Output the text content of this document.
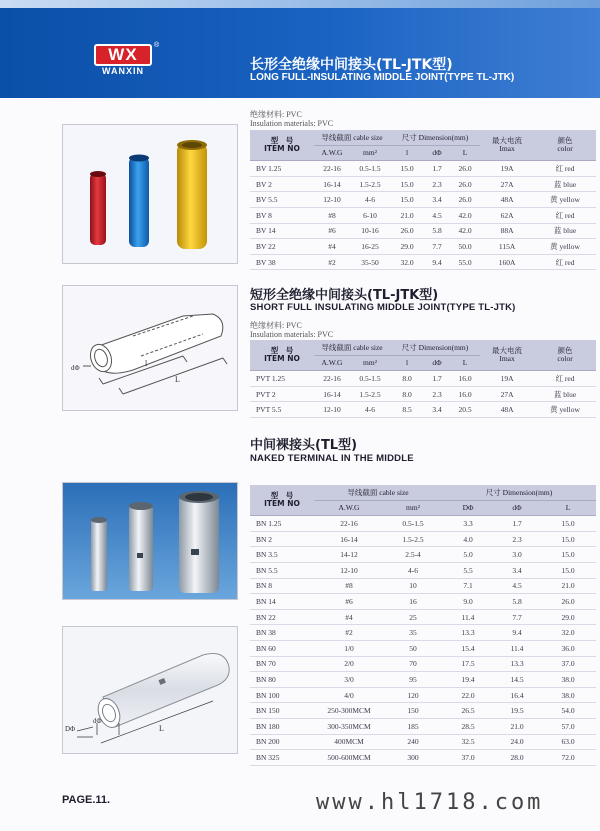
WX	®
WANXIN	长形全绝缘中间接头(TL-JTK型)
LONG FULL-INSULATING MIDDLE JOINT(TYPE TL-JTK)
绝缘材料: PVC
Insulation materials: PVC
型　号
ITEM NO	导线截面 cable size		尺寸 Dimension(mm)			最大电流
Imax	颜色
color

	A.W.G	mm²	l	dΦ	L		
BV 1.25	22-16	0.5-1.5	15.0	1.7	26.0	19A	红 red
BV 2	16-14	1.5-2.5	15.0	2.3	26.0	27A	蓝 blue
BV 5.5	12-10	4-6	15.0	3.4	26.0	48A	黄 yellow
BV 8	#8	6-10	21.0	4.5	42.0	62A	红 red
BV 14	#6	10-16	26.0	5.8	42.0	88A	蓝 blue
BV 22	#4	16-25	29.0	7.7	50.0	115A	黄 yellow
BV 38	#2	35-50	32.0	9.4	55.0	160A	红 red
dΦ	l
L
短形全绝缘中间接头(TL-JTK型)
SHORT FULL INSULATING MIDDLE JOINT(TYPE TL-JTK)
绝缘材料: PVC
Insulation materials: PVC
型　号
ITEM NO	导线截面 cable size		尺寸 Dimension(mm)			最大电流
Imax	颜色
color

	A.W.G	mm²	l	dΦ	L		
PVT 1.25	22-16	0.5-1.5	8.0	1.7	16.0	19A	红 red
PVT 2	16-14	1.5-2.5	8.0	2.3	16.0	27A	蓝 blue
PVT 5.5	12-10	4-6	8.5	3.4	20.5	48A	黄 yellow
中间裸接头(TL型)
NAKED TERMINAL IN THE MIDDLE
DΦ
dΦ
L
型　号
ITEM NO	导线截面 cable size		尺寸 Dimension(mm)		
	A.W.G	mm²	DΦ	dΦ	L
BN 1.25	22-16	0.5-1.5	3.3	1.7	15.0
BN 2	16-14	1.5-2.5	4.0	2.3	15.0
BN 3.5	14-12	2.5-4	5.0	3.0	15.0
BN 5.5	12-10	4-6	5.5	3.4	15.0
BN 8	#8	10	7.1	4.5	21.0
BN 14	#6	16	9.0	5.8	26.0
BN 22	#4	25	11.4	7.7	29.0
BN 38	#2	35	13.3	9.4	32.0
BN 60	1/0	50	15.4	11.4	36.0
BN 70	2/0	70	17.5	13.3	37.0
BN 80	3/0	95	19.4	14.5	38.0
BN 100	4/0	120	22.0	16.4	38.0
BN 150	250-300MCM	150	26.5	19.5	54.0
BN 180	300-350MCM	185	28.5	21.0	57.0
BN 200	400MCM	240	32.5	24.0	63.0
BN 325	500-600MCM	300	37.0	28.0	72.0
PAGE.11.	www.hl1718.com
